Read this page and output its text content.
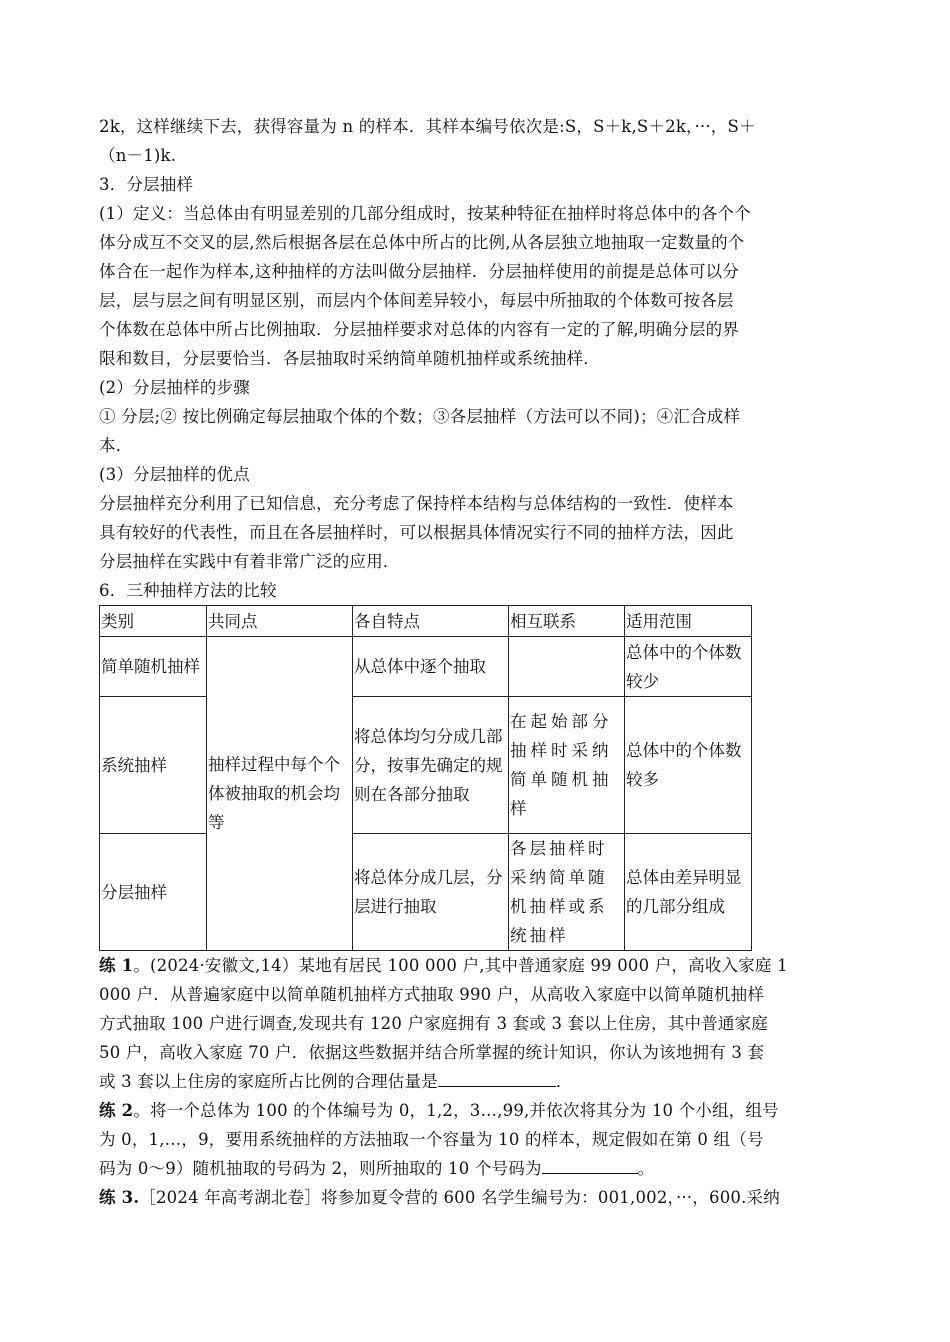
2k，这样继续下去，获得容量为 n 的样本．其样本编号依次是:S，S＋k,S＋2k，···，S＋
（n－1)k.
3．分层抽样
(1）定义：当总体由有明显差别的几部分组成时，按某种特征在抽样时将总体中的各个个
体分成互不交叉的层,然后根据各层在总体中所占的比例,从各层独立地抽取一定数量的个
体合在一起作为样本,这种抽样的方法叫做分层抽样．分层抽样使用的前提是总体可以分
层，层与层之间有明显区别，而层内个体间差异较小，每层中所抽取的个体数可按各层
个体数在总体中所占比例抽取．分层抽样要求对总体的内容有一定的了解,明确分层的界
限和数目，分层要恰当．各层抽取时采纳简单随机抽样或系统抽样．
(2）分层抽样的步骤
① 分层;② 按比例确定每层抽取个体的个数；③各层抽样（方法可以不同)；④汇合成样
本．
(3）分层抽样的优点
分层抽样充分利用了已知信息，充分考虑了保持样本结构与总体结构的一致性．使样本
具有较好的代表性，而且在各层抽样时，可以根据具体情况实行不同的抽样方法，因此
分层抽样在实践中有着非常广泛的应用．
6．三种抽样方法的比较
类别	共同点	各自特点	相互联系	适用范围
简单随机抽样	抽样过程中每个个体被抽取的机会均等	从总体中逐个抽取		总体中的个体数较少
系统抽样		将总体均匀分成几部分，按事先确定的规则在各部分抽取	在起始部分抽样时采纳简单随机抽样	总体中的个体数较多
分层抽样		将总体分成几层，分层进行抽取	各层抽样时采纳简单随机抽样或系统抽样	总体由差异明显的几部分组成
练 1。(2024·安徽文,14）某地有居民 100 000 户,其中普通家庭 99 000 户，高收入家庭 1
000 户．从普遍家庭中以简单随机抽样方式抽取 990 户，从高收入家庭中以简单随机抽样
方式抽取 100 户进行调查,发现共有 120 户家庭拥有 3 套或 3 套以上住房，其中普通家庭
50 户，高收入家庭 70 户．依据这些数据并结合所掌握的统计知识，你认为该地拥有 3 套
或 3 套以上住房的家庭所占比例的合理估量是	．
练 2。将一个总体为 100 的个体编号为 0，1,2，3…,99,并依次将其分为 10 个小组，组号
为 0，1,…，9，要用系统抽样的方法抽取一个容量为 10 的样本，规定假如在第 0 组（号
码为 0～9）随机抽取的号码为 2，则所抽取的 10 个号码为	。
练 3.［2024 年高考湖北卷］将参加夏令营的 600 名学生编号为：001,002，···，600.采纳
